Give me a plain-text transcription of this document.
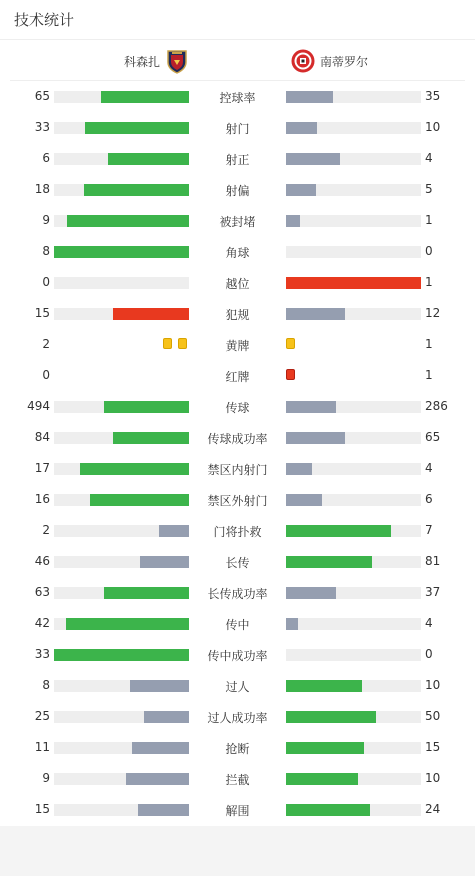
技术统计
科森扎	南蒂罗尔
65	控球率	35
33	射门	10
6	射正	4
18	射偏	5
9	被封堵	1
8	角球	0
0	越位	1
15	犯规	12
2	黄牌	1
0	红牌	1
494	传球	286
84	传球成功率	65
17	禁区内射门	4
16	禁区外射门	6
2	门将扑救	7
46	长传	81
63	长传成功率	37
42	传中	4
33	传中成功率	0
8	过人	10
25	过人成功率	50
11	抢断	15
9	拦截	10
15	解围	24
